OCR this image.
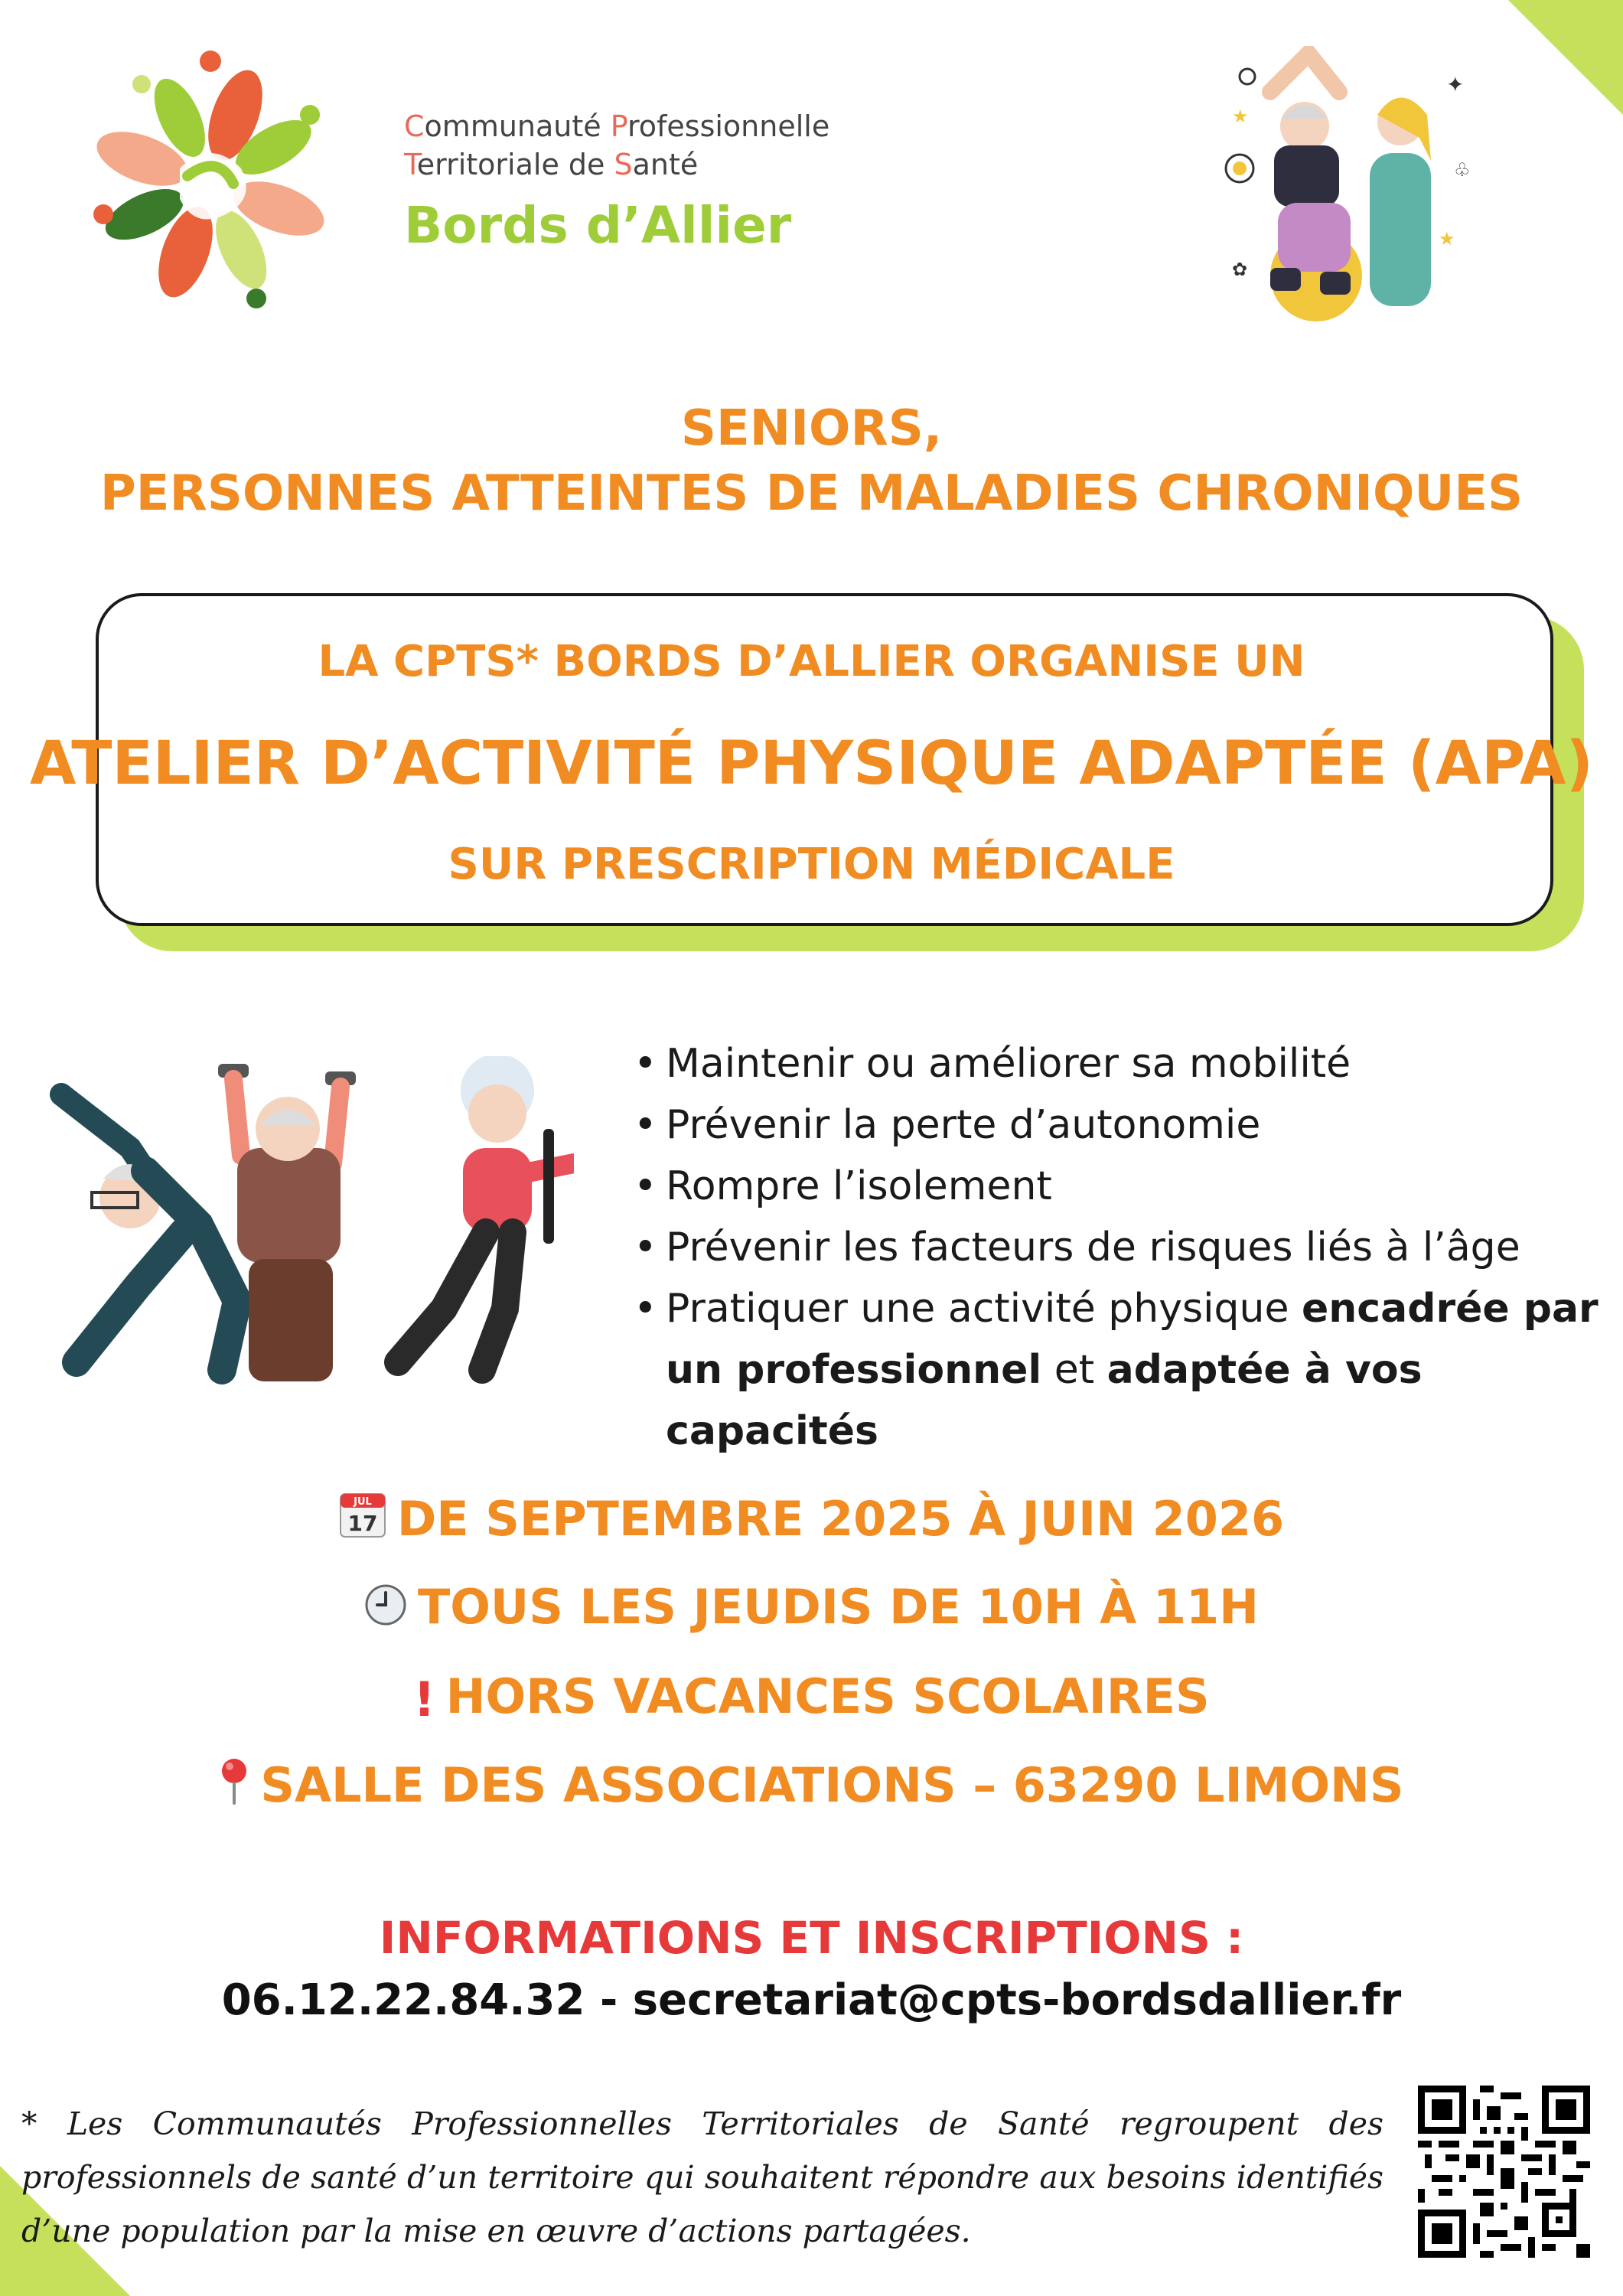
Communauté Professionnelle
Territoriale de Santé
Bords d’Allier
✦
★
★
♧
✿
SENIORS,
PERSONNES ATTEINTES DE MALADIES CHRONIQUES
LA CPTS* BORDS D’ALLIER ORGANISE UN
ATELIER D’ACTIVITÉ PHYSIQUE ADAPTÉE (APA)
SUR PRESCRIPTION MÉDICALE
• Maintenir ou améliorer sa mobilité
• Prévenir la perte d’autonomie
• Rompre l’isolement
• Prévenir les facteurs de risques liés à l’âge
• Pratiquer une activité physique encadrée par un professionnel et adaptée à vos capacités
JUL
17 DE SEPTEMBRE 2025 À JUIN 2026
TOUS LES JEUDIS DE 10H À 11H
! HORS VACANCES SCOLAIRES
SALLE DES ASSOCIATIONS – 63290 LIMONS
INFORMATIONS ET INSCRIPTIONS :
06.12.22.84.32 - secretariat@cpts-bordsdallier.fr
* Les Communautés Professionnelles Territoriales de Santé regroupent des professionnels de santé d’un territoire qui souhaitent répondre aux besoins identifiés d’une population par la mise en œuvre d’actions partagées.
